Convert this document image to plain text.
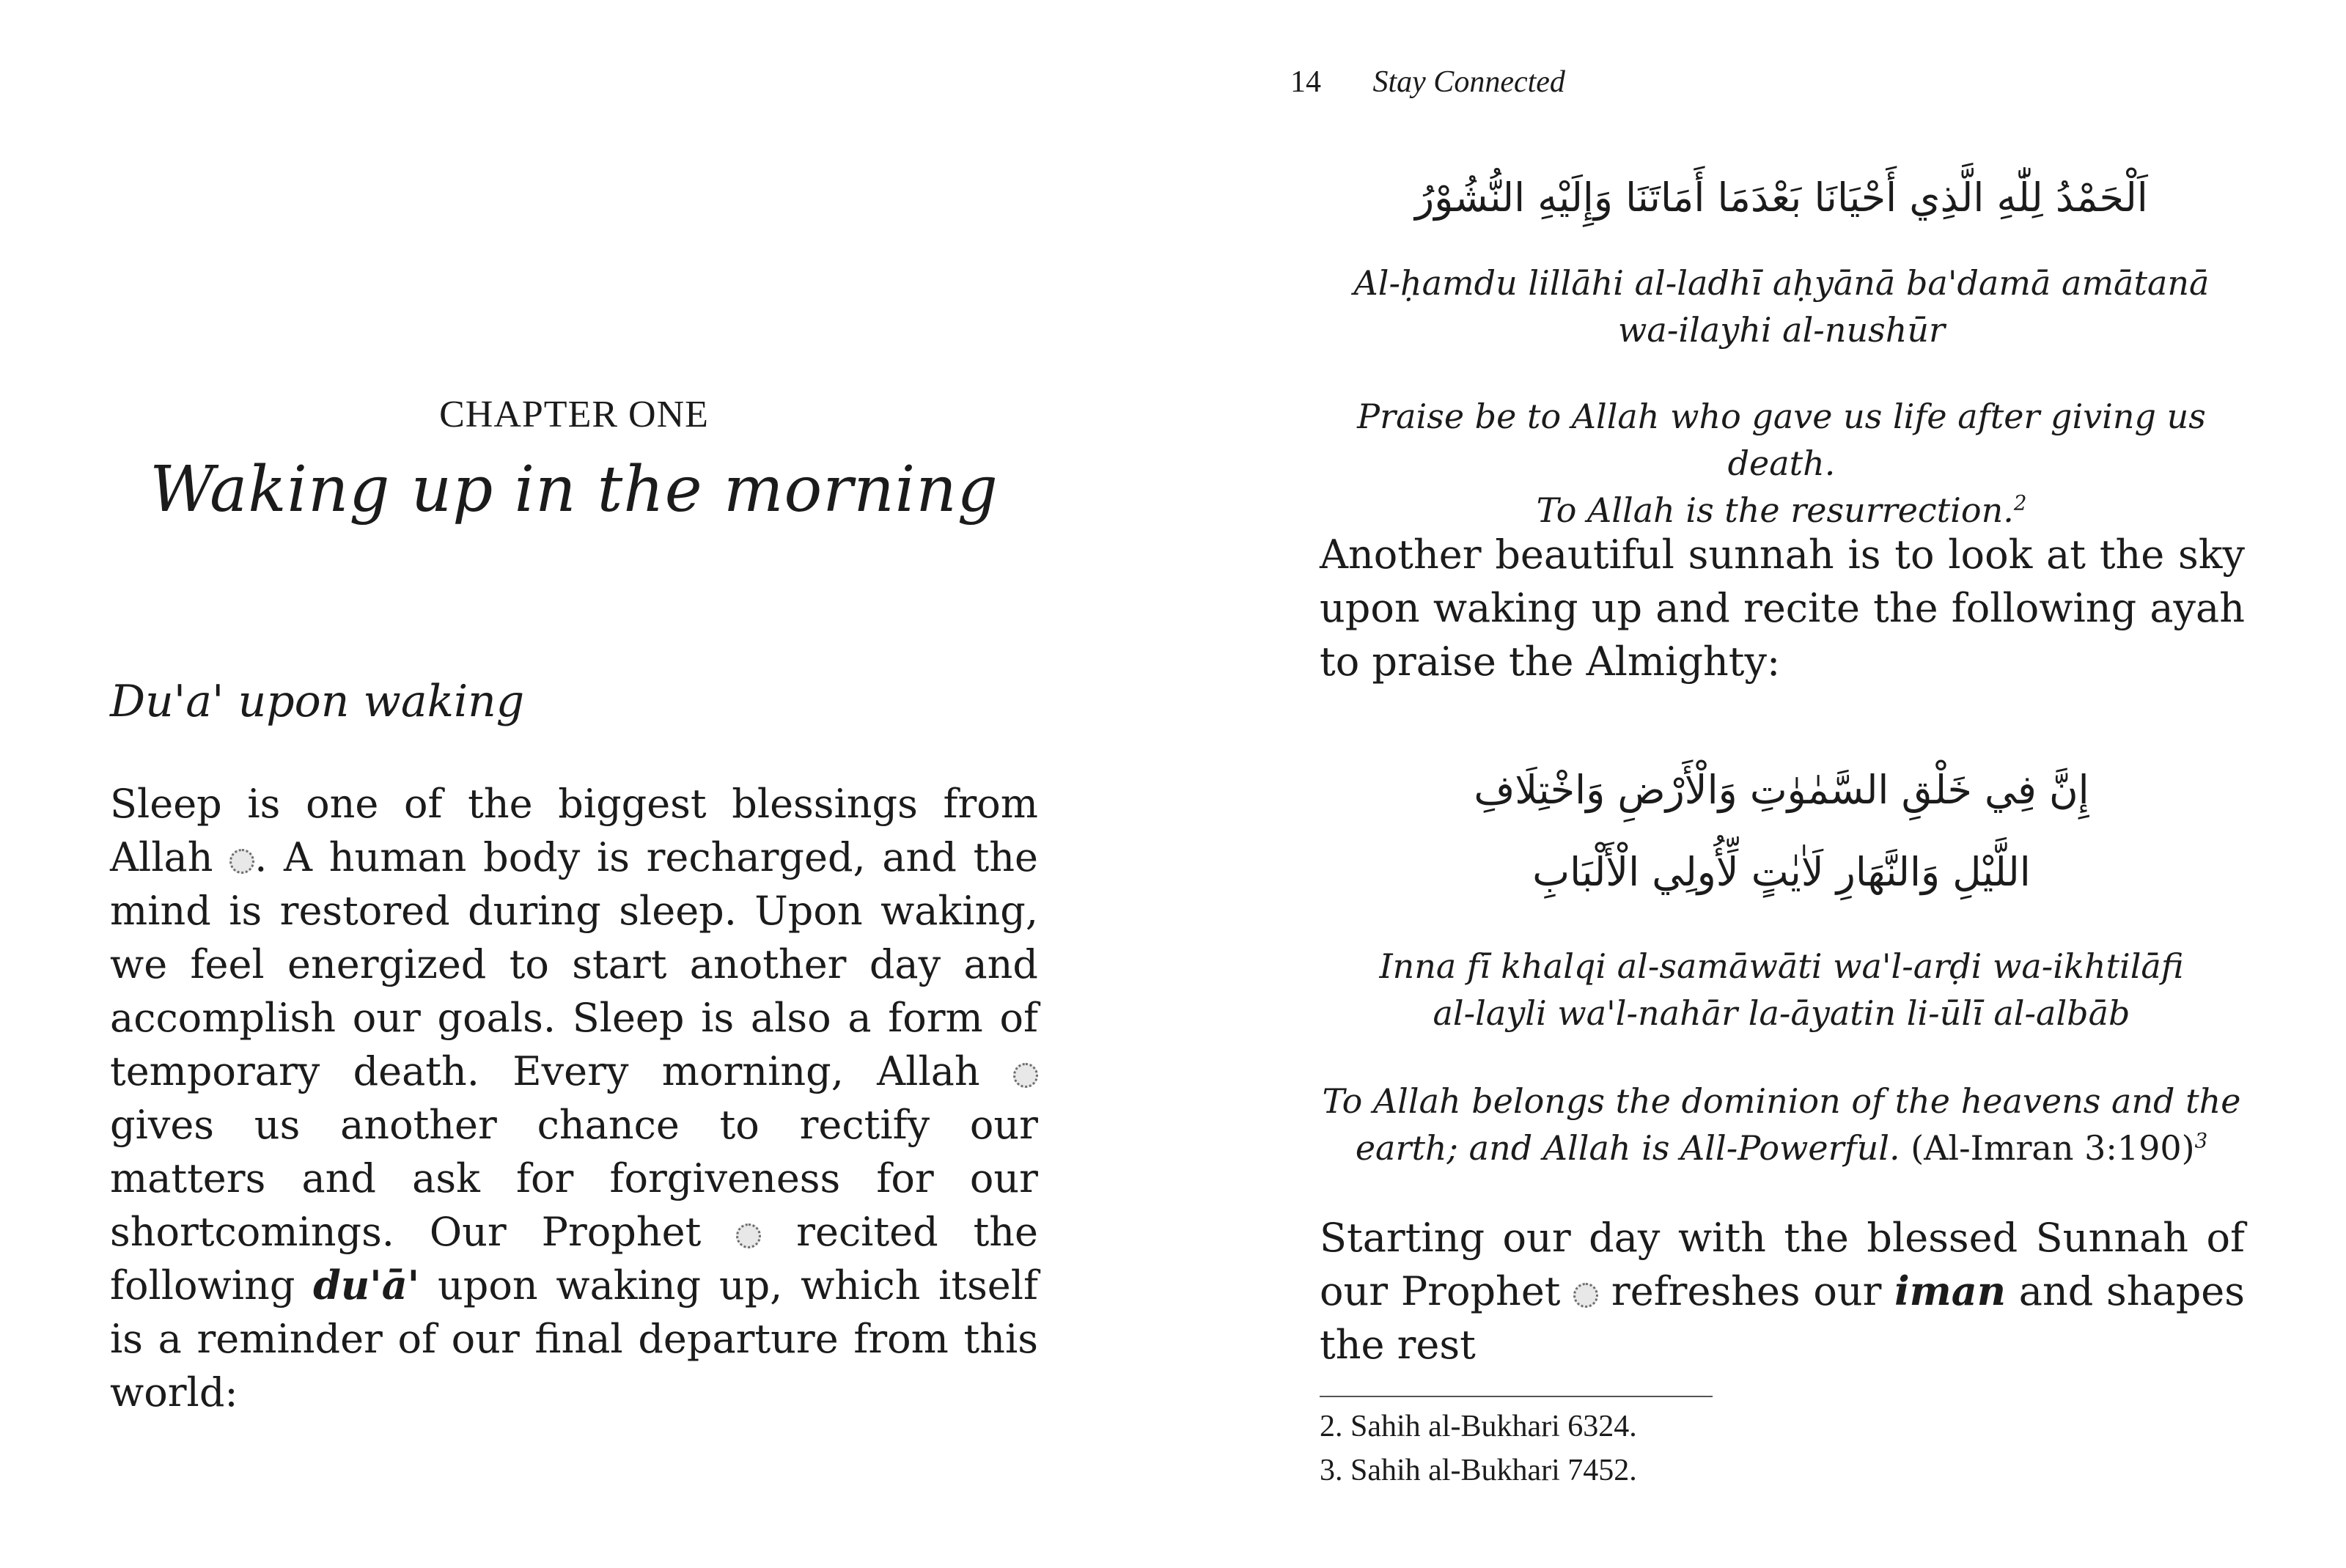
CHAPTER ONE
Waking up in the morning
Du'a' upon waking
Sleep is one of the biggest blessings from Allah . A human body is recharged, and the mind is restored during sleep. Upon waking, we feel energized to start another day and accomplish our goals. Sleep is also a form of temporary death. Every morning, Allah  gives us another chance to rectify our matters and ask for forgiveness for our shortcomings. Our Prophet recited the following du'ā' upon waking up, which itself is a reminder of our final departure from this world:
14 Stay Connected
اَلْحَمْدُ لِلّٰهِ الَّذِي أَحْيَانَا بَعْدَمَا أَمَاتَنَا وَإِلَيْهِ النُّشُوْرُ
Al-ḥamdu lillāhi al-ladhī aḥyānā ba'damā amātanā
wa-ilayhi al-nushūr
Praise be to Allah who gave us life after giving us death.
To Allah is the resurrection.$^2$
Another beautiful sunnah is to look at the sky upon waking up and recite the following ayah to praise the Almighty:
إِنَّ فِي خَلْقِ السَّمٰوٰتِ وَالْأَرْضِ وَاخْتِلَافِ
اللَّيْلِ وَالنَّهَارِ لَاٰيٰتٍ لِّأُولِي الْأَلْبَابِ
Inna fī khalqi al-samāwāti wa'l-arḍi wa-ikhtilāfi
al-layli wa'l-nahār la-āyatin li-ūlī al-albāb
To Allah belongs the dominion of the heavens and the
earth; and Allah is All-Powerful. (Al-Imran 3:190)$^3$
Starting our day with the blessed Sunnah of our Prophet refreshes our iman and shapes the rest
2. Sahih al-Bukhari 6324.
3. Sahih al-Bukhari 7452.
